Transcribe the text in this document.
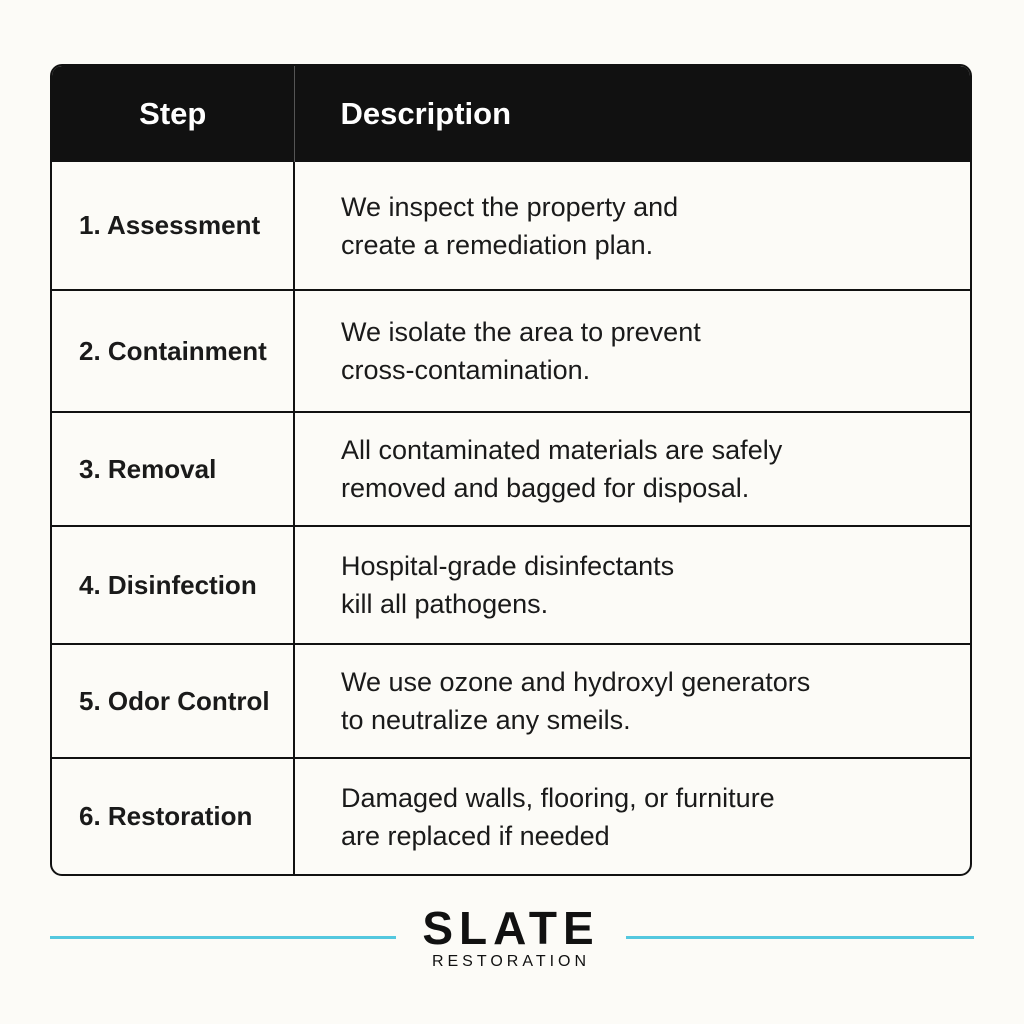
Step	Description
1. Assessment	We inspect the property and
create a remediation plan.

2. Containment	We isolate the area to prevent
cross-contamination.

3. Removal	All contaminated materials are safely
removed and bagged for disposal.

4. Disinfection	Hospital-grade disinfectants
kill all pathogens.

5. Odor Control	We use ozone and hydroxyl generators
to neutralize any smeils.

6. Restoration	Damaged walls, flooring, or furniture
are replaced if needed
SLATE
RESTORATION
